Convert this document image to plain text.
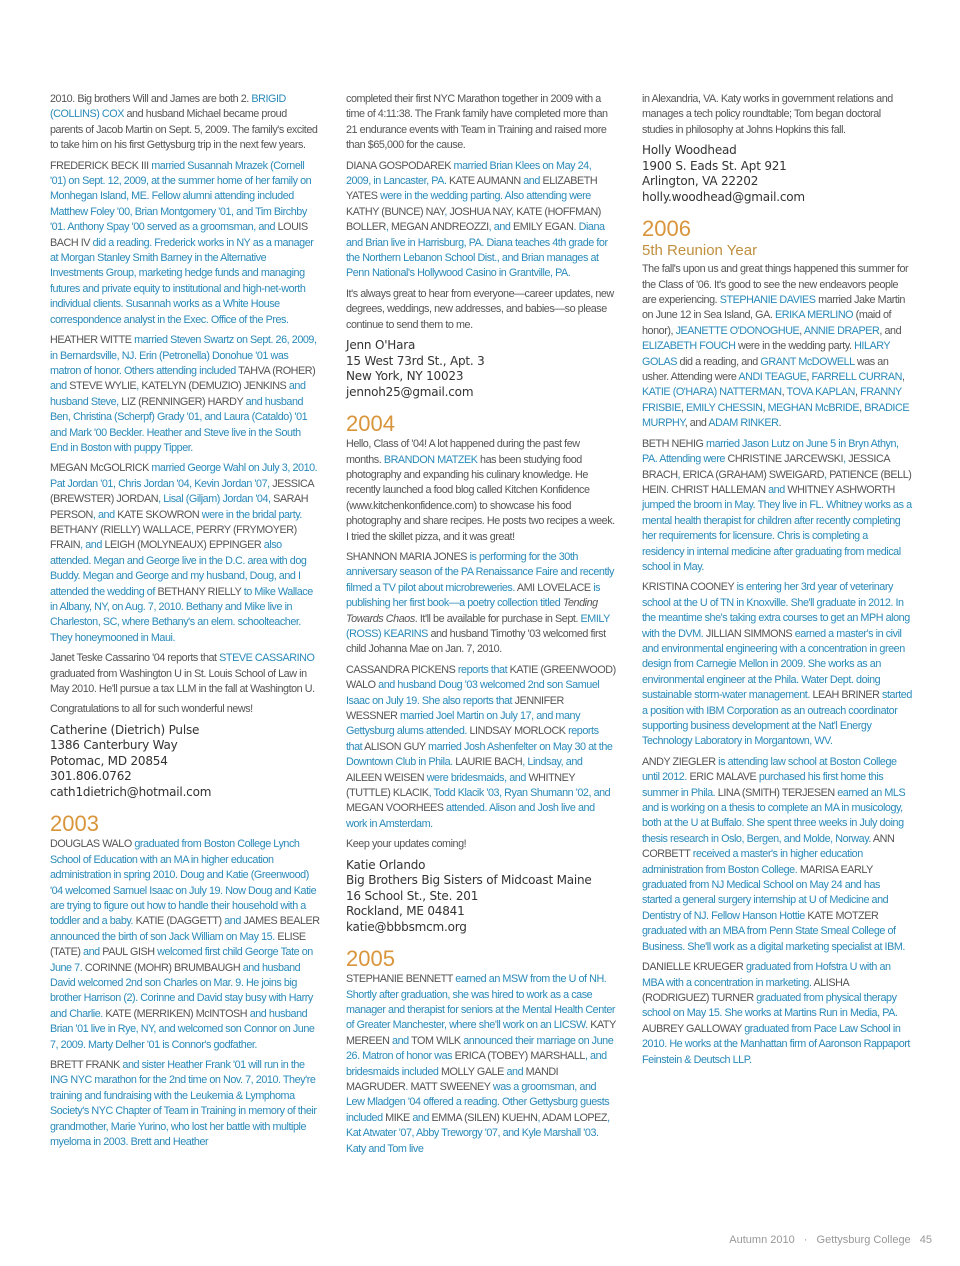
2010. Big brothers Will and James are both 2. BRIGID (COLLINS) COX and husband Michael became proud parents of Jacob Martin on Sept. 5, 2009. The family's excited to take him on his first Gettysburg trip in the next few years.

FREDERICK BECK III married Susannah Mrazek (Cornell '01) on Sept. 12, 2009, at the summer home of her family on Monhegan Island, ME. Fellow alumni attending included Matthew Foley '00, Brian Montgomery '01, and Tim Birchby '01. Anthony Spay '00 served as a groomsman, and LOUIS BACH IV did a reading. Frederick works in NY as a manager at Morgan Stanley Smith Barney in the Alternative Investments Group, marketing hedge funds and managing futures and private equity to institutional and high-net-worth individual clients. Susannah works as a White House correspondence analyst in the Exec. Office of the Pres.

HEATHER WITTE married Steven Swartz on Sept. 26, 2009, in Bernardsville, NJ. Erin (Petronella) Donohue '01 was matron of honor. Others attending included TAHVA (ROHER) and STEVE WYLIE, KATELYN (DEMUZIO) JENKINS and husband Steve, LIZ (RENNINGER) HARDY and husband Ben, Christina (Scherpf) Grady '01, and Laura (Cataldo) '01 and Mark '00 Beckler. Heather and Steve live in the South End in Boston with puppy Tipper.

MEGAN McGOLRICK married George Wahl on July 3, 2010. Pat Jordan '01, Chris Jordan '04, Kevin Jordan '07, JESSICA (BREWSTER) JORDAN, Lisal (Giljam) Jordan '04, SARAH PERSON, and KATE SKOWRON were in the bridal party. BETHANY (RIELLY) WALLACE, PERRY (FRYMOYER) FRAIN, and LEIGH (MOLYNEAUX) EPPINGER also attended. Megan and George live in the D.C. area with dog Buddy. Megan and George and my husband, Doug, and I attended the wedding of BETHANY RIELLY to Mike Wallace in Albany, NY, on Aug. 7, 2010. Bethany and Mike live in Charleston, SC, where Bethany's an elem. schoolteacher. They honeymooned in Maui.

Janet Teske Cassarino '04 reports that STEVE CASSARINO graduated from Washington U in St. Louis School of Law in May 2010. He'll pursue a tax LLM in the fall at Washington U.

Congratulations to all for such wonderful news!

Catherine (Dietrich) Pulse
1386 Canterbury Way
Potomac, MD 20854
301.806.0762
cath1dietrich@hotmail.com
2003

DOUGLAS WALO graduated from Boston College Lynch School of Education with an MA in higher education administration in spring 2010. Doug and Katie (Greenwood) '04 welcomed Samuel Isaac on July 19. Now Doug and Katie are trying to figure out how to handle their household with a toddler and a baby. KATIE (DAGGETT) and JAMES BEALER announced the birth of son Jack William on May 15. ELISE (TATE) and PAUL GISH welcomed first child George Tate on June 7. CORINNE (MOHR) BRUMBAUGH and husband David welcomed 2nd son Charles on Mar. 9. He joins big brother Harrison (2). Corinne and David stay busy with Harry and Charlie. KATE (MERRIKEN) McINTOSH and husband Brian '01 live in Rye, NY, and welcomed son Connor on June 7, 2009. Marty Delher '01 is Connor's godfather.

BRETT FRANK and sister Heather Frank '01 will run in the ING NYC marathon for the 2nd time on Nov. 7, 2010. They're training and fundraising with the Leukemia & Lymphoma Society's NYC Chapter of Team in Training in memory of their grandmother, Marie Yurino, who lost her battle with multiple myeloma in 2003. Brett and Heather

completed their first NYC Marathon together in 2009 with a time of 4:11:38. The Frank family have completed more than 21 endurance events with Team in Training and raised more than $65,000 for the cause.

DIANA GOSPODAREK married Brian Klees on May 24, 2009, in Lancaster, PA. KATE AUMANN and ELIZABETH YATES were in the wedding parting. Also attending were KATHY (BUNCE) NAY, JOSHUA NAY, KATE (HOFFMAN) BOLLER, MEGAN ANDREOZZI, and EMILY EGAN. Diana and Brian live in Harrisburg, PA. Diana teaches 4th grade for the Northern Lebanon School Dist., and Brian manages at Penn National's Hollywood Casino in Grantville, PA.

It's always great to hear from everyone—career updates, new degrees, weddings, new addresses, and babies—so please continue to send them to me.

Jenn O'Hara
15 West 73rd St., Apt. 3
New York, NY 10023
jennoh25@gmail.com
2004

Hello, Class of '04! A lot happened during the past few months. BRANDON MATZEK has been studying food photography and expanding his culinary knowledge. He recently launched a food blog called Kitchen Konfidence (www.kitchenkonfidence.com) to showcase his food photography and share recipes. He posts two recipes a week. I tried the skillet pizza, and it was great!

SHANNON MARIA JONES is performing for the 30th anniversary season of the PA Renaissance Faire and recently filmed a TV pilot about microbreweries. AMI LOVELACE is publishing her first book—a poetry collection titled Tending Towards Chaos. It'll be available for purchase in Sept. EMILY (ROSS) KEARINS and husband Timothy '03 welcomed first child Johanna Mae on Jan. 7, 2010.

CASSANDRA PICKENS reports that KATIE (GREENWOOD) WALO and husband Doug '03 welcomed 2nd son Samuel Isaac on July 19. She also reports that JENNIFER WESSNER married Joel Martin on July 17, and many Gettysburg alums attended. LINDSAY MORLOCK reports that ALISON GUY married Josh Ashenfelter on May 30 at the Downtown Club in Phila. LAURIE BACH, Lindsay, and AILEEN WEISEN were bridesmaids, and WHITNEY (TUTTLE) KLACIK, Todd Klacik '03, Ryan Shumann '02, and MEGAN VOORHEES attended. Alison and Josh live and work in Amsterdam.

Keep your updates coming!

Katie Orlando
Big Brothers Big Sisters of Midcoast Maine
16 School St., Ste. 201
Rockland, ME 04841
katie@bbbsmcm.org
2005

STEPHANIE BENNETT earned an MSW from the U of NH. Shortly after graduation, she was hired to work as a case manager and therapist for seniors at the Mental Health Center of Greater Manchester, where she'll work on an LICSW. KATY MEREEN and TOM WILK announced their marriage on June 26. Matron of honor was ERICA (TOBEY) MARSHALL, and bridesmaids included MOLLY GALE and MANDI MAGRUDER. MATT SWEENEY was a groomsman, and Lew Mladgen '04 offered a reading. Other Gettysburg guests included MIKE and EMMA (SILEN) KUEHN, ADAM LOPEZ, Kat Atwater '07, Abby Treworgy '07, and Kyle Marshall '03. Katy and Tom live

in Alexandria, VA. Katy works in government relations and manages a tech policy roundtable; Tom began doctoral studies in philosophy at Johns Hopkins this fall.

Holly Woodhead
1900 S. Eads St. Apt 921
Arlington, VA 22202
holly.woodhead@gmail.com
2006
5th Reunion Year

The fall's upon us and great things happened this summer for the Class of '06. It's good to see the new endeavors people are experiencing. STEPHANIE DAVIES married Jake Martin on June 12 in Sea Island, GA. ERIKA MERLINO (maid of honor), JEANETTE O'DONOGHUE, ANNIE DRAPER, and ELIZABETH FOUCH were in the wedding party. HILARY GOLAS did a reading, and GRANT McDOWELL was an usher. Attending were ANDI TEAGUE, FARRELL CURRAN, KATIE (O'HARA) NATTERMAN, TOVA KAPLAN, FRANNY FRISBIE, EMILY CHESSIN, MEGHAN McBRIDE, BRADICE MURPHY, and ADAM RINKER.

BETH NEHIG married Jason Lutz on June 5 in Bryn Athyn, PA. Attending were CHRISTINE JARCEWSKI, JESSICA BRACH, ERICA (GRAHAM) SWEIGARD, PATIENCE (BELL) HEIN. CHRIST HALLEMAN and WHITNEY ASHWORTH jumped the broom in May. They live in FL. Whitney works as a mental health therapist for children after recently completing her requirements for licensure. Chris is completing a residency in internal medicine after graduating from medical school in May.

KRISTINA COONEY is entering her 3rd year of veterinary school at the U of TN in Knoxville. She'll graduate in 2012. In the meantime she's taking extra courses to get an MPH along with the DVM. JILLIAN SIMMONS earned a master's in civil and environmental engineering with a concentration in green design from Carnegie Mellon in 2009. She works as an environmental engineer at the Phila. Water Dept. doing sustainable storm-water management. LEAH BRINER started a position with IBM Corporation as an outreach coordinator supporting business development at the Nat'l Energy Technology Laboratory in Morgantown, WV.

ANDY ZIEGLER is attending law school at Boston College until 2012. ERIC MALAVE purchased his first home this summer in Phila. LINA (SMITH) TERJESEN earned an MLS and is working on a thesis to complete an MA in musicology, both at the U at Buffalo. She spent three weeks in July doing thesis research in Oslo, Bergen, and Molde, Norway. ANN CORBETT received a master's in higher education administration from Boston College. MARISA EARLY graduated from NJ Medical School on May 24 and has started a general surgery internship at U of Medicine and Dentistry of NJ. Fellow Hanson Hottie KATE MOTZER graduated with an MBA from Penn State Smeal College of Business. She'll work as a digital marketing specialist at IBM.

DANIELLE KRUEGER graduated from Hofstra U with an MBA with a concentration in marketing. ALISHA (RODRIGUEZ) TURNER graduated from physical therapy school on May 15. She works at Martins Run in Media, PA. AUBREY GALLOWAY graduated from Pace Law School in 2010. He works at the Manhattan firm of Aaronson Rappaport Feinstein & Deutsch LLP.

Autumn 2010 · Gettysburg College 45
